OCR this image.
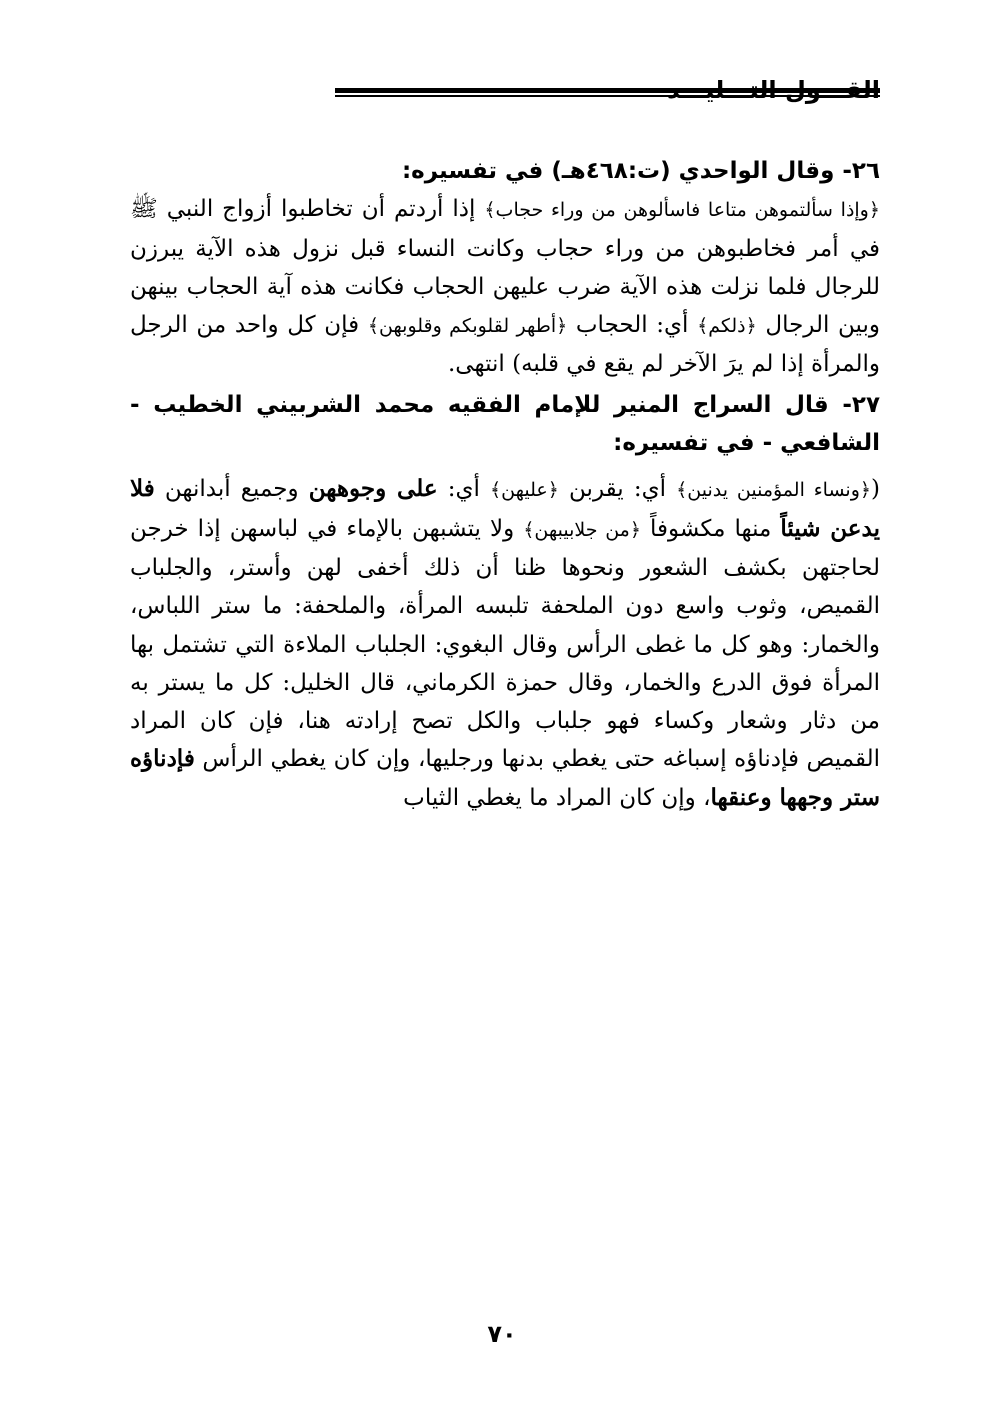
القـــول التـــليـــد

٢٦- وقال الواحدي (ت:٤٦٨هـ) في تفسيره:

﴿وإذا سألتموهن متاعا فاسألوهن من وراء حجاب﴾ إذا أردتم أن تخاطبوا أزواج النبي ﷺ في أمر فخاطبوهن من وراء حجاب وكانت النساء قبل نزول هذه الآية يبرزن للرجال فلما نزلت هذه الآية ضرب عليهن الحجاب فكانت هذه آية الحجاب بينهن وبين الرجال ﴿ذلكم﴾ أي: الحجاب ﴿أطهر لقلوبكم وقلوبهن﴾ فإن كل واحد من الرجل والمرأة إذا لم يرَ الآخر لم يقع في قلبه) انتهى.

٢٧- قال السراج المنير للإمام الفقيه محمد الشربيني الخطيب - الشافعي - في تفسيره:

(﴿ونساء المؤمنين يدنين﴾ أي: يقربن ﴿عليهن﴾ أي: على وجوههن وجميع أبدانهن فلا يدعن شيئاً منها مكشوفاً ﴿من جلابيبهن﴾ ولا يتشبهن بالإماء في لباسهن إذا خرجن لحاجتهن بكشف الشعور ونحوها ظنا أن ذلك أخفى لهن وأستر، والجلباب القميص، وثوب واسع دون الملحفة تلبسه المرأة، والملحفة: ما ستر اللباس، والخمار: وهو كل ما غطى الرأس وقال البغوي: الجلباب الملاءة التي تشتمل بها المرأة فوق الدرع والخمار، وقال حمزة الكرماني، قال الخليل: كل ما يستر به من دثار وشعار وكساء فهو جلباب والكل تصح إرادته هنا، فإن كان المراد القميص فإدناؤه إسباغه حتى يغطي بدنها ورجليها، وإن كان يغطي الرأس فإدناؤه ستر وجهها وعنقها، وإن كان المراد ما يغطي الثياب

٧٠
